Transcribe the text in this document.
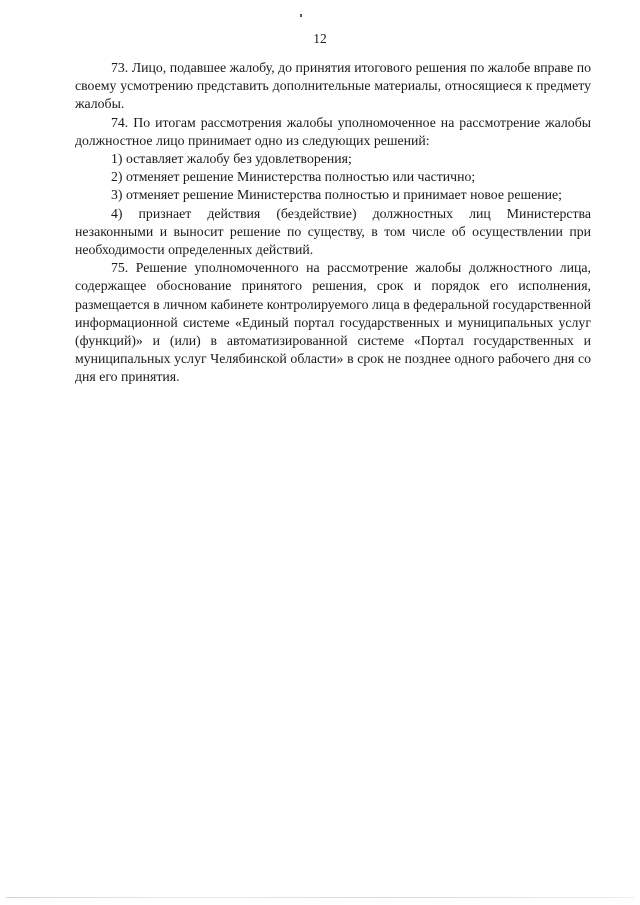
12

73. Лицо, подавшее жалобу, до принятия итогового решения по жалобе вправе по своему усмотрению представить дополнительные материалы, относящиеся к предмету жалобы.

74. По итогам рассмотрения жалобы уполномоченное на рассмотрение жалобы должностное лицо принимает одно из следующих решений:

1) оставляет жалобу без удовлетворения;

2) отменяет решение Министерства полностью или частично;

3) отменяет решение Министерства полностью и принимает новое решение;

4) признает действия (бездействие) должностных лиц Министерства незаконными и выносит решение по существу, в том числе об осуществлении при необходимости определенных действий.

75. Решение уполномоченного на рассмотрение жалобы должностного лица, содержащее обоснование принятого решения, срок и порядок его исполнения, размещается в личном кабинете контролируемого лица в федеральной государственной информационной системе «Единый портал государственных и муниципальных услуг (функций)» и (или) в автоматизированной системе «Портал государственных и муниципальных услуг Челябинской области» в срок не позднее одного рабочего дня со дня его принятия.
